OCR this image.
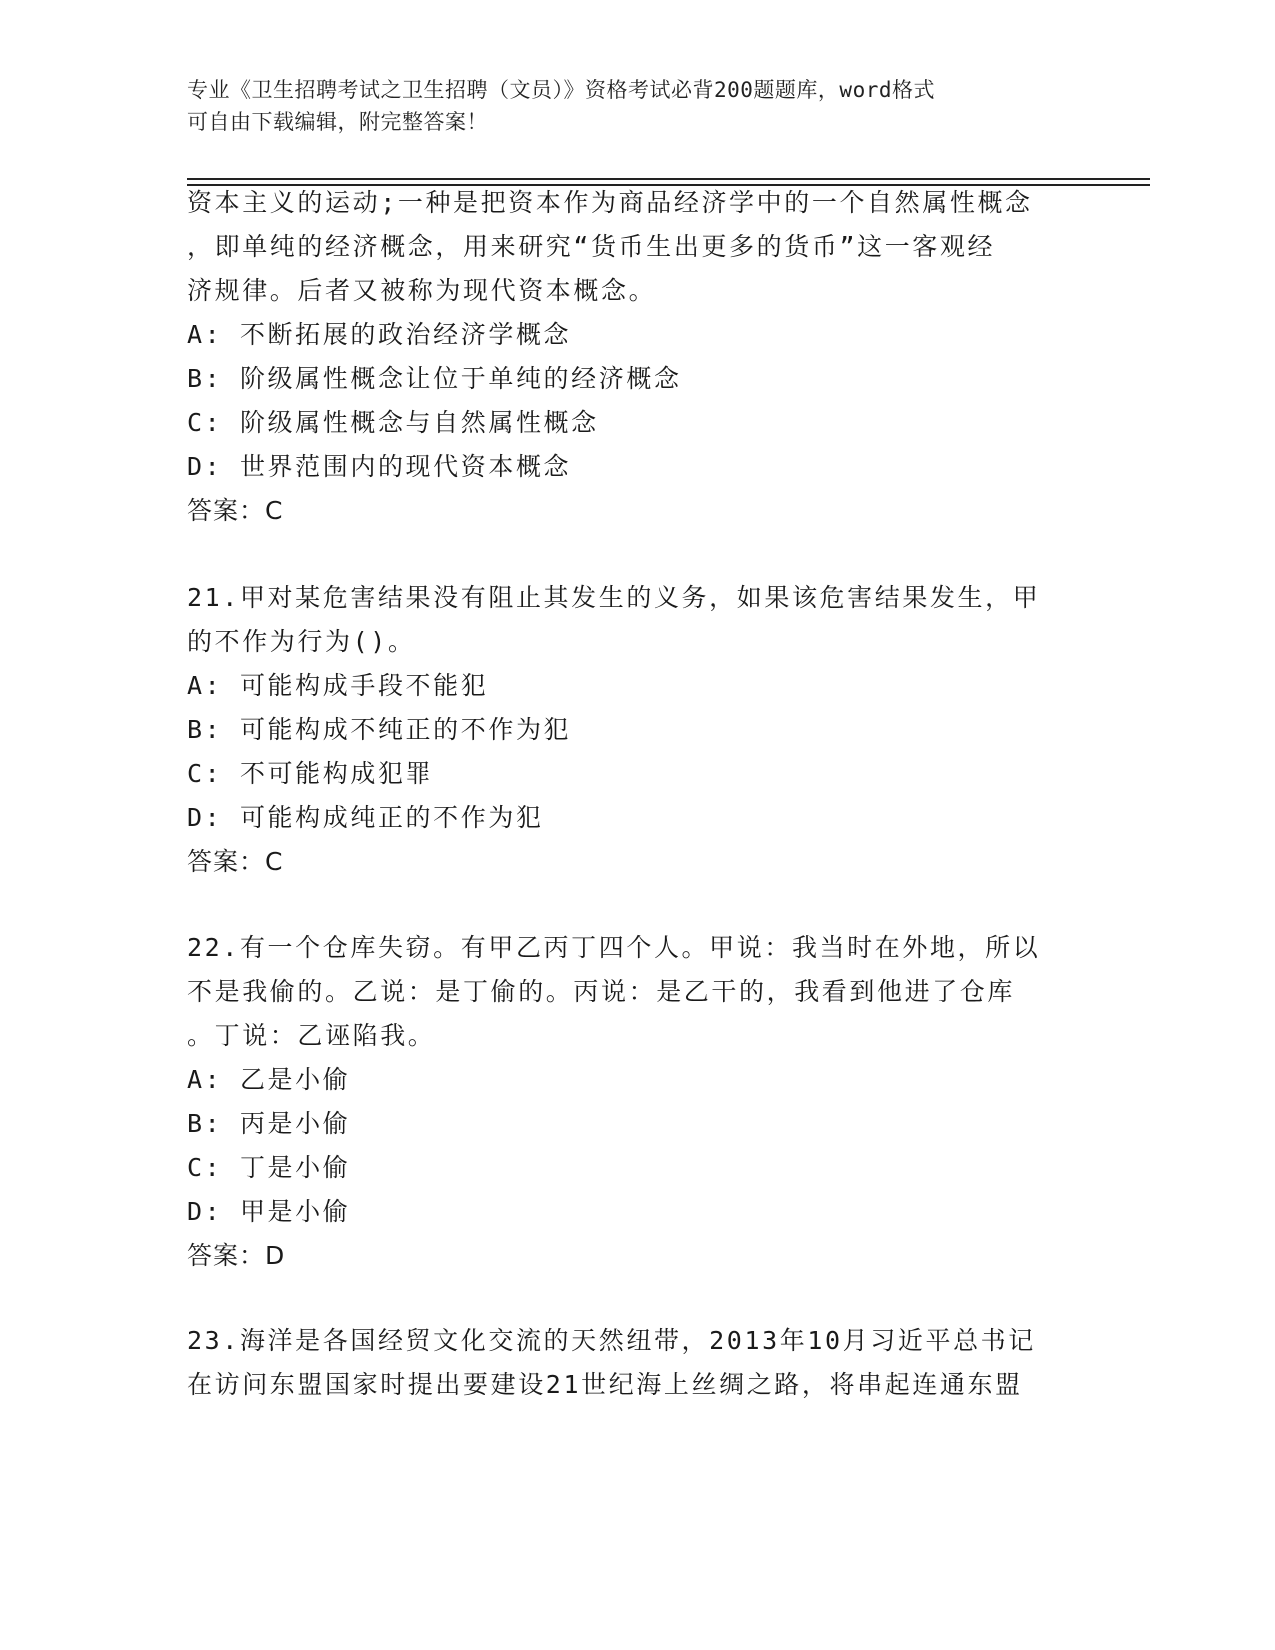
专业《卫生招聘考试之卫生招聘（文员）》资格考试必背200题题库，word格式
可自由下载编辑，附完整答案！
资本主义的运动;一种是把资本作为商品经济学中的一个自然属性概念
，即单纯的经济概念，用来研究“货币生出更多的货币”这一客观经
济规律。后者又被称为现代资本概念。
A: 不断拓展的政治经济学概念
B: 阶级属性概念让位于单纯的经济概念
C: 阶级属性概念与自然属性概念
D: 世界范围内的现代资本概念
答案：C
21.甲对某危害结果没有阻止其发生的义务，如果该危害结果发生，甲
的不作为行为()。
A: 可能构成手段不能犯
B: 可能构成不纯正的不作为犯
C: 不可能构成犯罪
D: 可能构成纯正的不作为犯
答案：C
22.有一个仓库失窃。有甲乙丙丁四个人。甲说：我当时在外地，所以
不是我偷的。乙说：是丁偷的。丙说：是乙干的，我看到他进了仓库
。丁说：乙诬陷我。
A: 乙是小偷
B: 丙是小偷
C: 丁是小偷
D: 甲是小偷
答案：D
23.海洋是各国经贸文化交流的天然纽带，2013年10月习近平总书记
在访问东盟国家时提出要建设21世纪海上丝绸之路，将串起连通东盟
